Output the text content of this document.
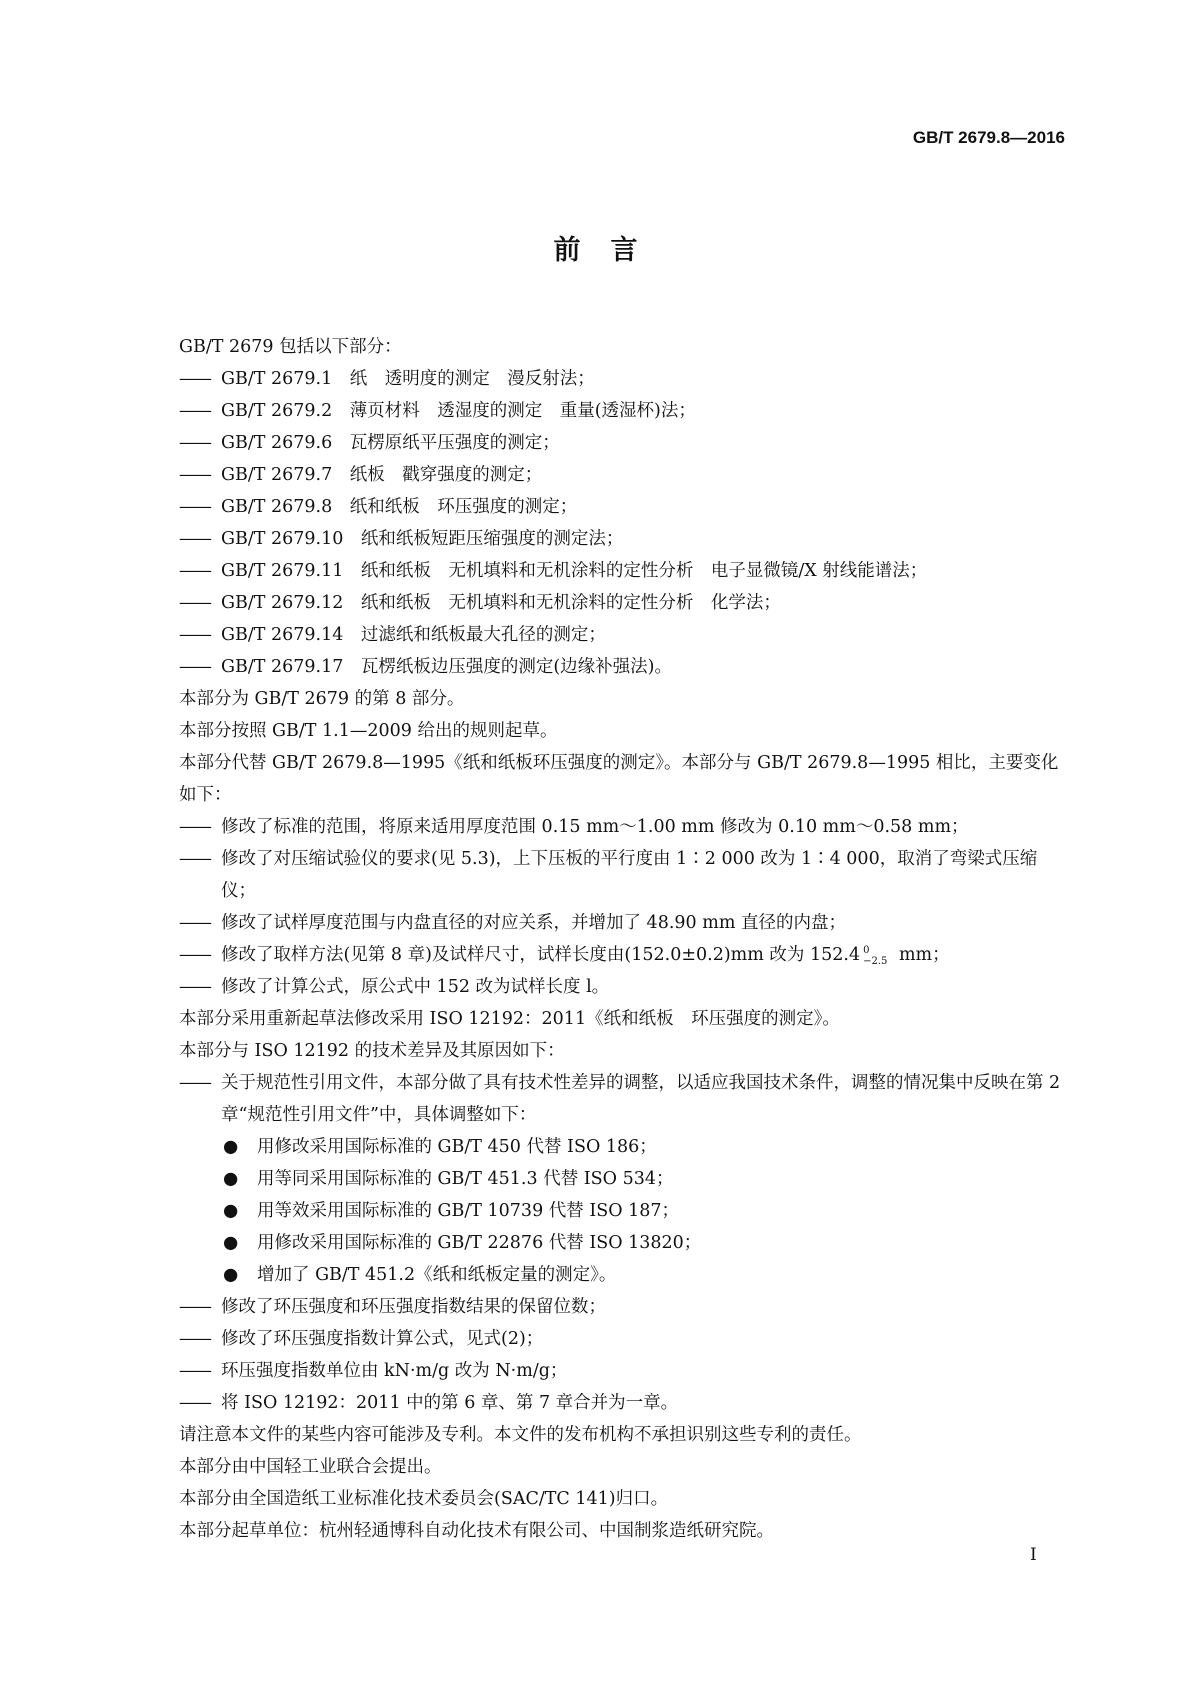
GB/T 2679.8—2016
前言

GB/T 2679 包括以下部分：

—— GB/T 2679.1　纸　透明度的测定　漫反射法；

—— GB/T 2679.2　薄页材料　透湿度的测定　重量(透湿杯)法；

—— GB/T 2679.6　瓦楞原纸平压强度的测定；

—— GB/T 2679.7　纸板　戳穿强度的测定；

—— GB/T 2679.8　纸和纸板　环压强度的测定；

—— GB/T 2679.10　纸和纸板短距压缩强度的测定法；

—— GB/T 2679.11　纸和纸板　无机填料和无机涂料的定性分析　电子显微镜/X 射线能谱法；

—— GB/T 2679.12　纸和纸板　无机填料和无机涂料的定性分析　化学法；

—— GB/T 2679.14　过滤纸和纸板最大孔径的测定；

—— GB/T 2679.17　瓦楞纸板边压强度的测定(边缘补强法)。

本部分为 GB/T 2679 的第 8 部分。

本部分按照 GB/T 1.1—2009 给出的规则起草。

本部分代替 GB/T 2679.8—1995《纸和纸板环压强度的测定》。本部分与 GB/T 2679.8—1995 相比，主要变化如下：

—— 修改了标准的范围，将原来适用厚度范围 0.15 mm～1.00 mm 修改为 0.10 mm～0.58 mm；

—— 修改了对压缩试验仪的要求(见 5.3)，上下压板的平行度由 1∶2 000 改为 1∶4 000，取消了弯梁式压缩仪；

—— 修改了试样厚度范围与内盘直径的对应关系，并增加了 48.90 mm 直径的内盘；

—— 修改了取样方法(见第 8 章)及试样尺寸，试样长度由(152.0±0.2)mm 改为 152.4 0
−2.5 mm；

—— 修改了计算公式，原公式中 152 改为试样长度 l。

本部分采用重新起草法修改采用 ISO 12192：2011《纸和纸板　环压强度的测定》。

本部分与 ISO 12192 的技术差异及其原因如下：

—— 关于规范性引用文件，本部分做了具有技术性差异的调整，以适应我国技术条件，调整的情况集中反映在第 2 章“规范性引用文件”中，具体调整如下：

● 用修改采用国际标准的 GB/T 450 代替 ISO 186；

● 用等同采用国际标准的 GB/T 451.3 代替 ISO 534；

● 用等效采用国际标准的 GB/T 10739 代替 ISO 187；

● 用修改采用国际标准的 GB/T 22876 代替 ISO 13820；

● 增加了 GB/T 451.2《纸和纸板定量的测定》。

—— 修改了环压强度和环压强度指数结果的保留位数；

—— 修改了环压强度指数计算公式，见式(2)；

—— 环压强度指数单位由 kN·m/g 改为 N·m/g；

—— 将 ISO 12192：2011 中的第 6 章、第 7 章合并为一章。

请注意本文件的某些内容可能涉及专利。本文件的发布机构不承担识别这些专利的责任。

本部分由中国轻工业联合会提出。

本部分由全国造纸工业标准化技术委员会(SAC/TC 141)归口。

本部分起草单位：杭州轻通博科自动化技术有限公司、中国制浆造纸研究院。

I
